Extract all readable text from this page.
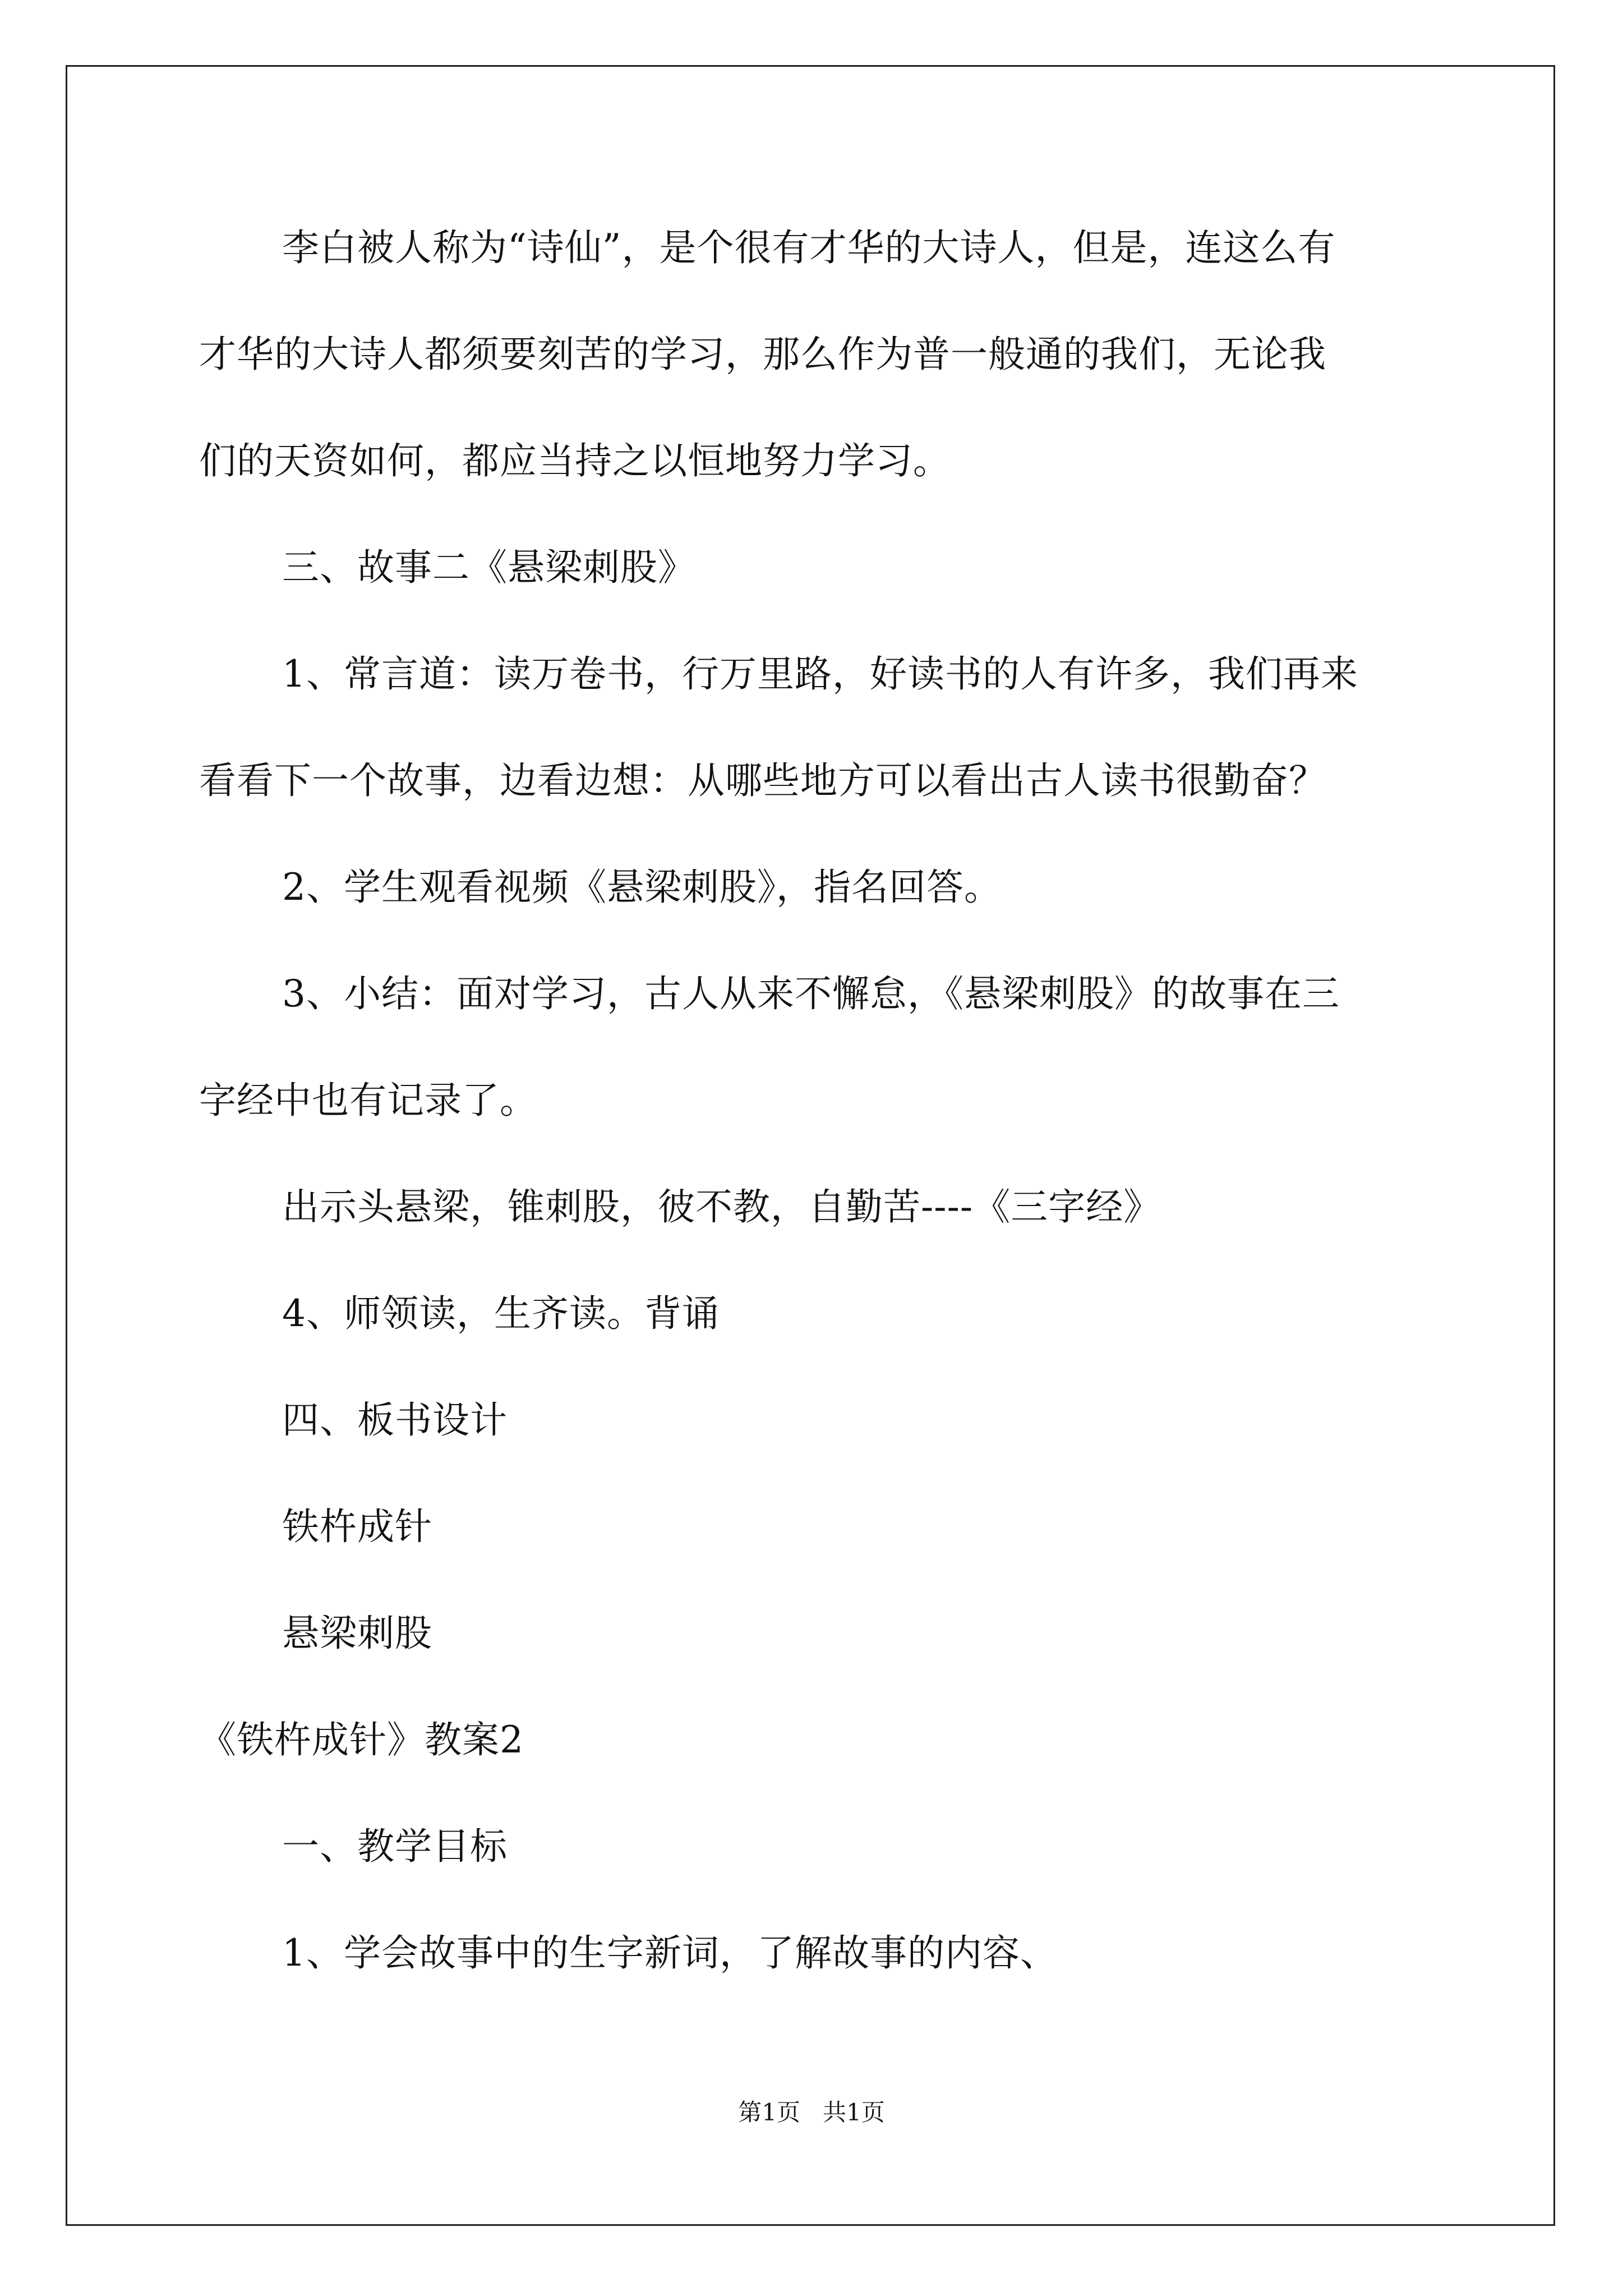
李白被人称为“诗仙”，是个很有才华的大诗人，但是，连这么有
才华的大诗人都须要刻苦的学习，那么作为普一般通的我们，无论我
们的天资如何，都应当持之以恒地努力学习。
三、故事二《悬梁刺股》
1、常言道：读万卷书，行万里路，好读书的人有许多，我们再来
看看下一个故事，边看边想：从哪些地方可以看出古人读书很勤奋？
2、学生观看视频《悬梁刺股》，指名回答。
3、小结：面对学习，古人从来不懈怠，《悬梁刺股》的故事在三
字经中也有记录了。
出示头悬梁，锥刺股，彼不教，自勤苦----《三字经》
4、师领读，生齐读。背诵
四、板书设计
铁杵成针
悬梁刺股
《铁杵成针》教案2
一、教学目标
1、学会故事中的生字新词，了解故事的内容、
第1页   共1页
